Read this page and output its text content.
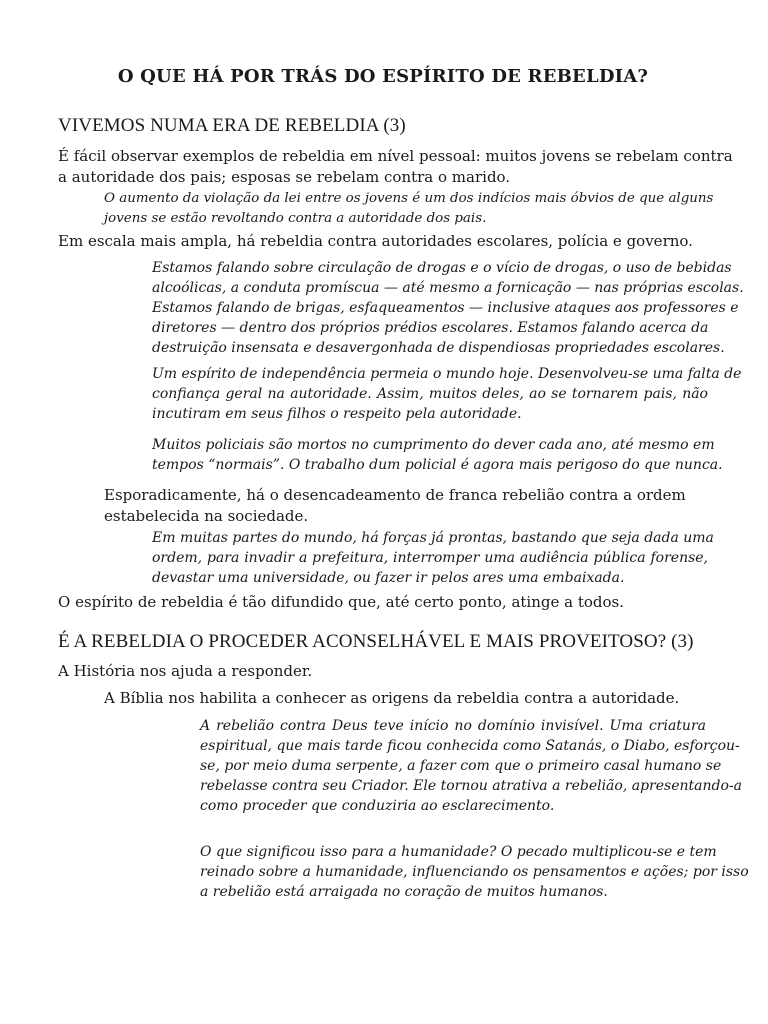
O QUE HÁ POR TRÁS DO ESPÍRITO DE REBELDIA?
VIVEMOS NUMA ERA DE REBELDIA (3)
É fácil observar exemplos de rebeldia em nível pessoal: muitos jovens se rebelam contra
a autoridade dos pais; esposas se rebelam contra o marido.
O aumento da violação da lei entre os jovens é um dos indícios mais óbvios de que alguns
jovens se estão revoltando contra a autoridade dos pais.
Em escala mais ampla, há rebeldia contra autoridades escolares, polícia e governo.
Estamos falando sobre circulação de drogas e o vício de drogas, o uso de bebidas
alcoólicas, a conduta promíscua — até mesmo a fornicação — nas próprias escolas.
Estamos falando de brigas, esfaqueamentos — inclusive ataques aos professores e
diretores — dentro dos próprios prédios escolares. Estamos falando acerca da
destruição insensata e desavergonhada de dispendiosas propriedades escolares.
Um espírito de independência permeia o mundo hoje. Desenvolveu-se uma falta de
confiança geral na autoridade. Assim, muitos deles, ao se tornarem pais, não
incutiram em seus filhos o respeito pela autoridade.
Muitos policiais são mortos no cumprimento do dever cada ano, até mesmo em
tempos “normais”. O trabalho dum policial é agora mais perigoso do que nunca.
Esporadicamente, há o desencadeamento de franca rebelião contra a ordem
estabelecida na sociedade.
Em muitas partes do mundo, há forças já prontas, bastando que seja dada uma
ordem, para invadir a prefeitura, interromper uma audiência pública forense,
devastar uma universidade, ou fazer ir pelos ares uma embaixada.
O espírito de rebeldia é tão difundido que, até certo ponto, atinge a todos.
É A REBELDIA O PROCEDER ACONSELHÁVEL E MAIS PROVEITOSO? (3)
A História nos ajuda a responder.
A Bíblia nos habilita a conhecer as origens da rebeldia contra a autoridade.
A rebelião contra Deus teve início no domínio invisível. Uma criatura
espiritual, que mais tarde ficou conhecida como Satanás, o Diabo, esforçou-
se, por meio duma serpente, a fazer com que o primeiro casal humano se
rebelasse contra seu Criador. Ele tornou atrativa a rebelião, apresentando-a
como proceder que conduziria ao esclarecimento.
O que significou isso para a humanidade? O pecado multiplicou-se e tem
reinado sobre a humanidade, influenciando os pensamentos e ações; por isso
a rebelião está arraigada no coração de muitos humanos.
